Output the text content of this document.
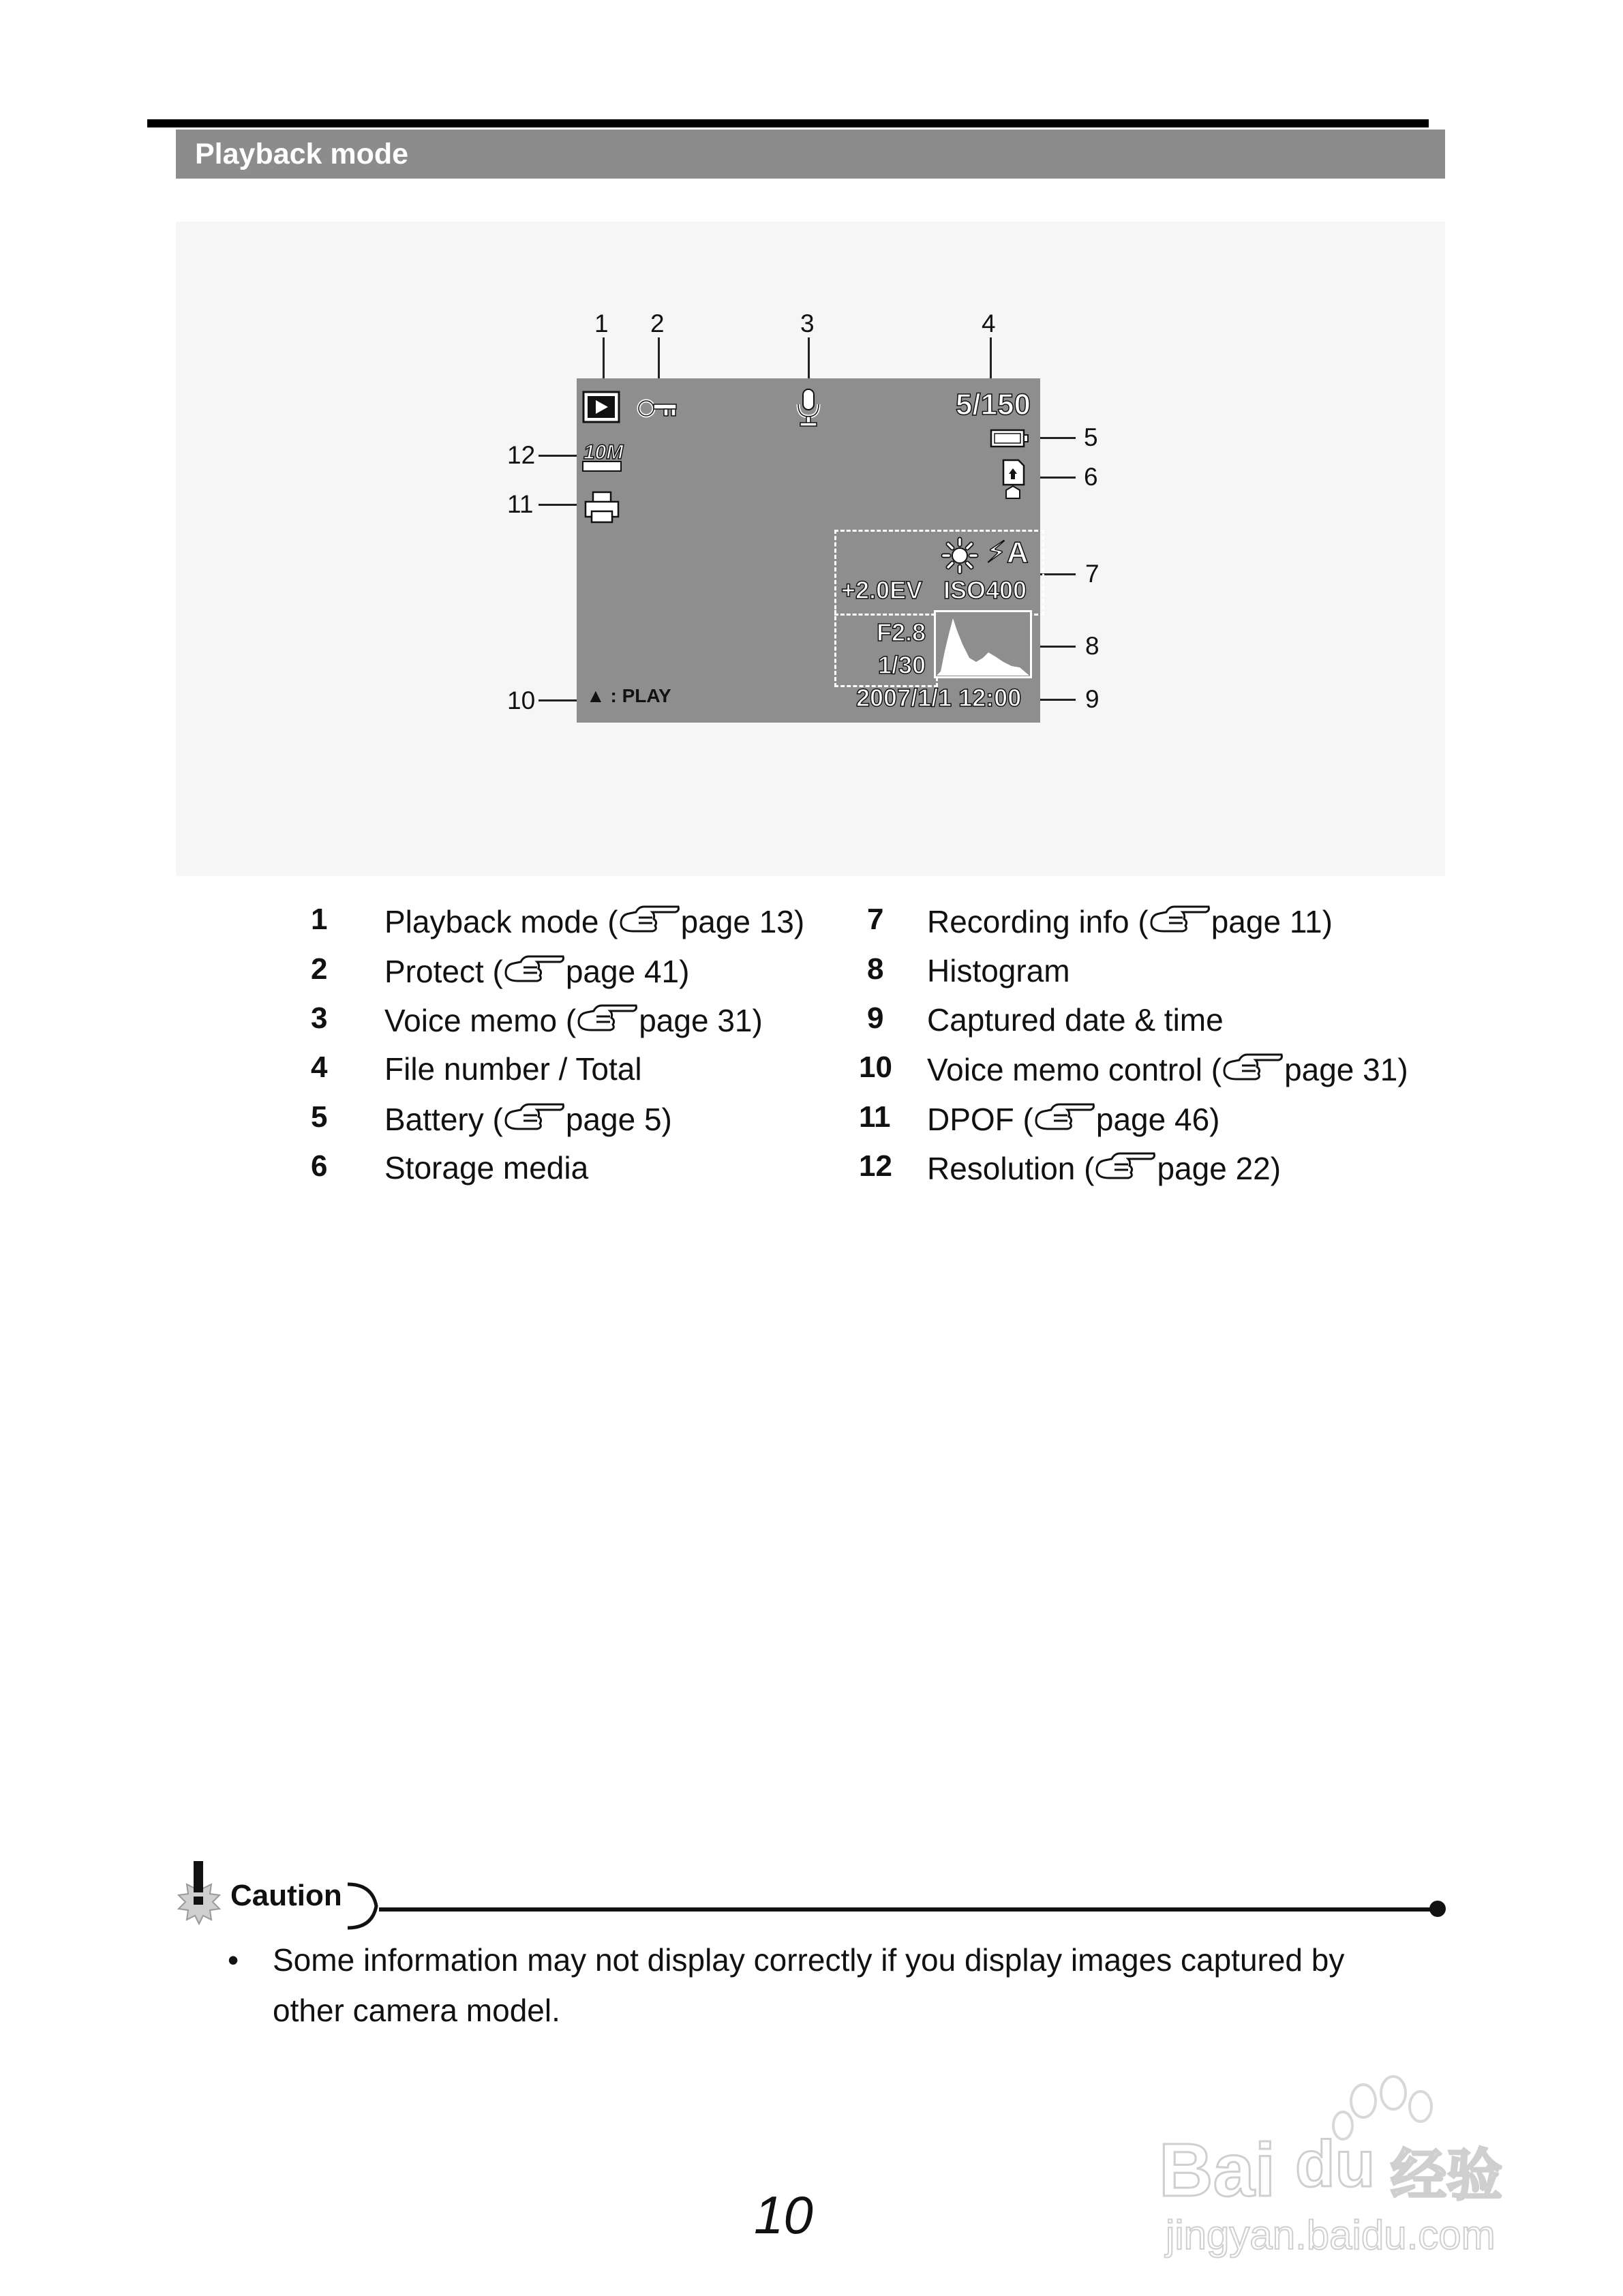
Playback mode
1 2	3	4
5
6
7
8
9
12
11
10
5/150
10M
⚡A
+2.0EV ISO400
F2.8
1/30
2007/1/1 12:00
▲ : PLAY
1
2
3
4
5
6
Playback mode ( page 13)
Protect ( page 41)
Voice memo ( page 31)
File number / Total
Battery ( page 5)
Storage media
7
8
9
10
11
12
Recording info ( page 11)
Histogram
Captured date & time
Voice memo control ( page 31)
DPOF ( page 46)
Resolution ( page 22)
Caution
• Some information may not display correctly if you display images captured by
other camera model.
10
Bai du 经验
jingyan.baidu.com
